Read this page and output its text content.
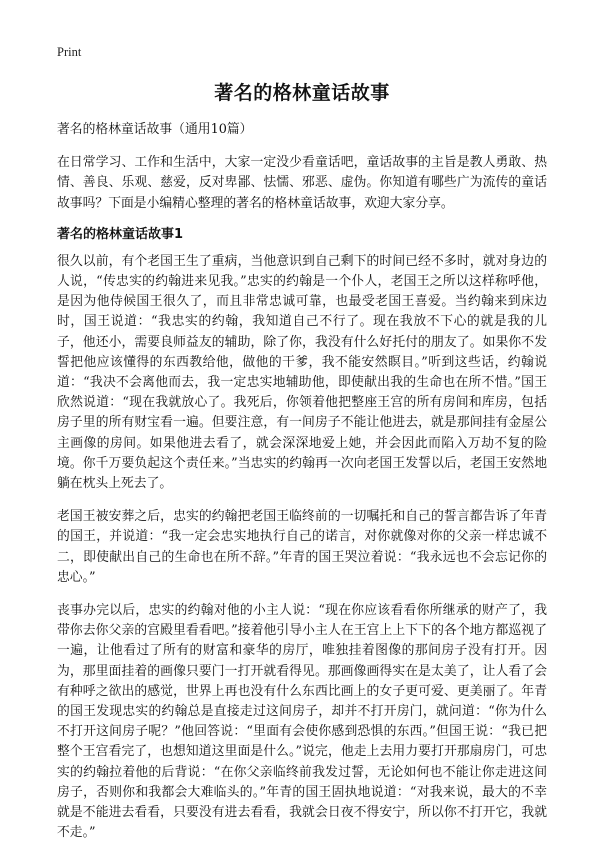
Print
著名的格林童话故事

著名的格林童话故事（通用10篇）

在日常学习、工作和生活中，大家一定没少看童话吧，童话故事的主旨是教人勇敢、热情、善良、乐观、慈爱，反对卑鄙、怯懦、邪恶、虚伪。你知道有哪些广为流传的童话故事吗？下面是小编精心整理的著名的格林童话故事，欢迎大家分享。

著名的格林童话故事1

很久以前，有个老国王生了重病，当他意识到自己剩下的时间已经不多时，就对身边的人说，“传忠实的约翰进来见我。”忠实的约翰是一个仆人，老国王之所以这样称呼他，是因为他侍候国王很久了，而且非常忠诚可靠，也最受老国王喜爱。当约翰来到床边时，国王说道：“我忠实的约翰，我知道自己不行了。现在我放不下心的就是我的儿子，他还小，需要良师益友的辅助，除了你，我没有什么好托付的朋友了。如果你不发誓把他应该懂得的东西教给他，做他的干爹，我不能安然瞑目。”听到这些话，约翰说道：“我决不会离他而去，我一定忠实地辅助他，即使献出我的生命也在所不惜。”国王欣然说道：“现在我就放心了。我死后，你领着他把整座王宫的所有房间和库房，包括房子里的所有财宝看一遍。但要注意，有一间房子不能让他进去，就是那间挂有金屋公主画像的房间。如果他进去看了，就会深深地爱上她，并会因此而陷入万劫不复的险境。你千万要负起这个责任来。”当忠实的约翰再一次向老国王发誓以后，老国王安然地躺在枕头上死去了。

老国王被安葬之后，忠实的约翰把老国王临终前的一切嘱托和自己的誓言都告诉了年青的国王，并说道：“我一定会忠实地执行自己的诺言，对你就像对你的父亲一样忠诚不二，即使献出自己的生命也在所不辞。”年青的国王哭泣着说：“我永远也不会忘记你的忠心。”

丧事办完以后，忠实的约翰对他的小主人说：“现在你应该看看你所继承的财产了，我带你去你父亲的宫殿里看看吧。”接着他引导小主人在王宫上上下下的各个地方都巡视了一遍，让他看过了所有的财富和豪华的房厅，唯独挂着图像的那间房子没有打开。因为，那里面挂着的画像只要门一打开就看得见。那画像画得实在是太美了，让人看了会有种呼之欲出的感觉，世界上再也没有什么东西比画上的女子更可爱、更美丽了。年青的国王发现忠实的约翰总是直接走过这间房子，却并不打开房门，就问道：“你为什么不打开这间房子呢？”他回答说：“里面有会使你感到恐惧的东西。”但国王说：“我已把整个王宫看完了，也想知道这里面是什么。”说完，他走上去用力要打开那扇房门，可忠实的约翰拉着他的后背说：“在你父亲临终前我发过誓，无论如何也不能让你走进这间房子，否则你和我都会大难临头的。”年青的国王固执地说道：“对我来说，最大的不幸就是不能进去看看，只要没有进去看看，我就会日夜不得安宁，所以你不打开它，我就不走。”
